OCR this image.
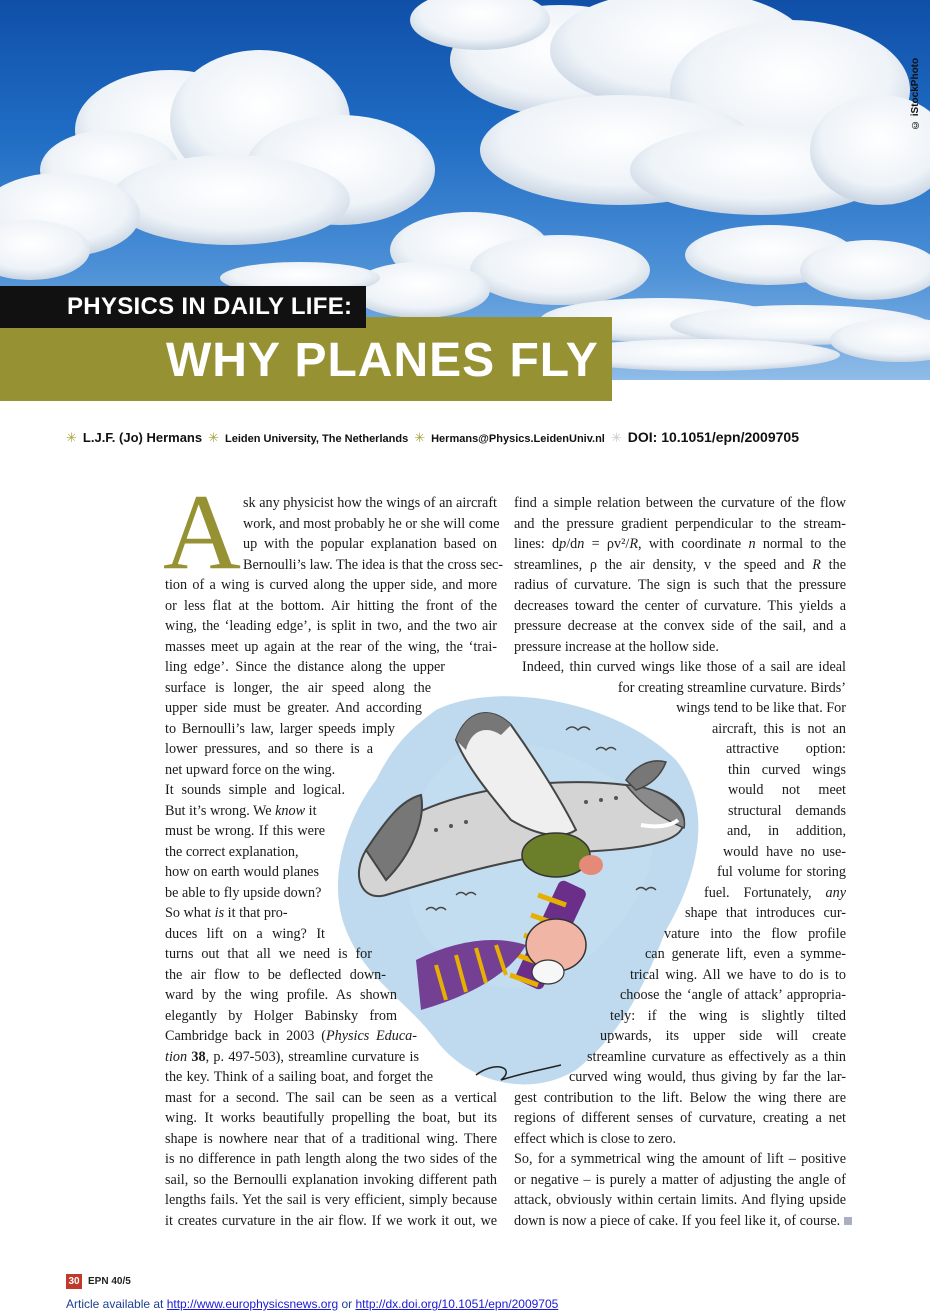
© iStockPhoto
PHYSICS IN DAILY LIFE:
WHY PLANES FLY
✳ L.J.F. (Jo) Hermans ✳ Leiden University, The Netherlands ✳ Hermans@Physics.LeidenUniv.nl ✳ DOI: 10.1051/epn/2009705
A sk any physicist how the wings of an aircraft
work, and most probably he or she will come
up with the popular explanation based on
Bernoulli’s law. The idea is that the cross sec-
tion of a wing is curved along the upper side, and more
or less flat at the bottom. Air hitting the front of the
wing, the ‘leading edge’, is split in two, and the two air
masses meet up again at the rear of the wing, the ‘trai-
ling edge’. Since the distance along the upper
surface is longer, the air speed along the
upper side must be greater. And according
to Bernoulli’s law, larger speeds imply
lower pressures, and so there is a
net upward force on the wing.
It sounds simple and logical.
But it’s wrong. We know it
must be wrong. If this were
the correct explanation,
how on earth would planes
be able to fly upside down?
So what is it that pro-
duces lift on a wing? It
turns out that all we need is for
the air flow to be deflected down-
ward by the wing profile. As shown
elegantly by Holger Babinsky from
Cambridge back in 2003 (Physics Educa-
tion 38, p. 497-503), streamline curvature is
the key. Think of a sailing boat, and forget the
mast for a second. The sail can be seen as a vertical
wing. It works beautifully propelling the boat, but its
shape is nowhere near that of a traditional wing. There
is no difference in path length along the two sides of the
sail, so the Bernoulli explanation invoking different path
lengths fails. Yet the sail is very efficient, simply because
it creates curvature in the air flow. If we work it out, we
find a simple relation between the curvature of the flow
and the pressure gradient perpendicular to the stream-
lines: dp/dn = ρv²/R, with coordinate n normal to the
streamlines, ρ the air density, v the speed and R the
radius of curvature. The sign is such that the pressure
decreases toward the center of curvature. This yields a
pressure decrease at the convex side of the sail, and a
pressure increase at the hollow side.
Indeed, thin curved wings like those of a sail are ideal
for creating streamline curvature. Birds’
wings tend to be like that. For
aircraft, this is not an
attractive option:
thin curved wings
would not meet
structural demands
and, in addition,
would have no use-
ful volume for storing
fuel. Fortunately, any
shape that introduces cur-
vature into the flow profile
can generate lift, even a symme-
trical wing. All we have to do is to
choose the ‘angle of attack’ appropria-
tely: if the wing is slightly tilted
upwards, its upper side will create
streamline curvature as effectively as a thin
curved wing would, thus giving by far the lar-
gest contribution to the lift. Below the wing there are
regions of different senses of curvature, creating a net
effect which is close to zero.
So, for a symmetrical wing the amount of lift – positive
or negative – is purely a matter of adjusting the angle of
attack, obviously within certain limits. And flying upside
down is now a piece of cake. If you feel like it, of course.
30 EPN 40/5
Article available at http://www.europhysicsnews.org or http://dx.doi.org/10.1051/epn/2009705
